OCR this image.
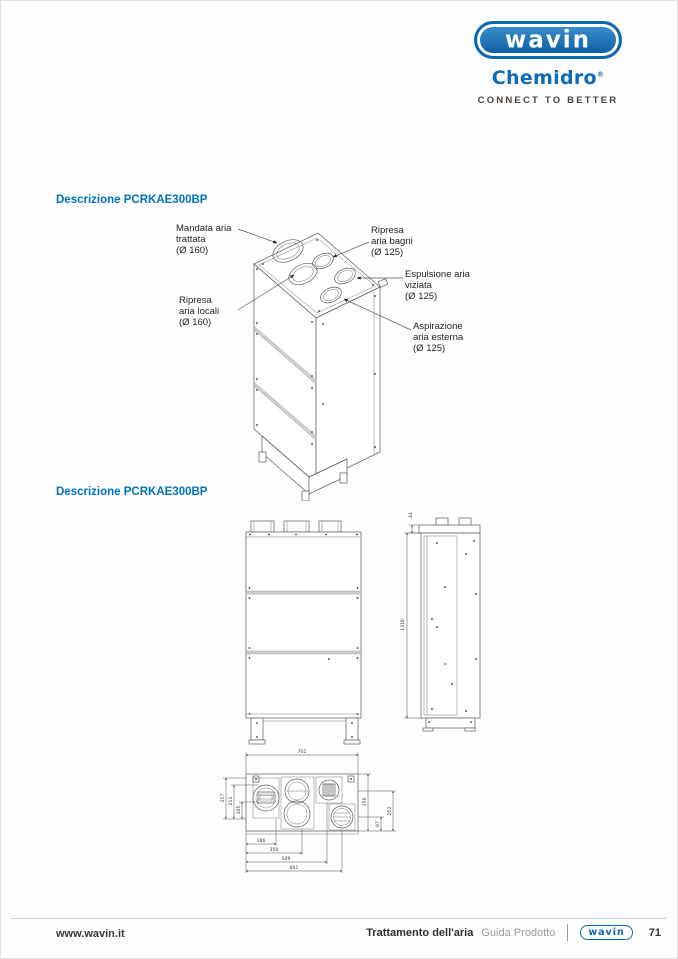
wavin
Chemidro®
CONNECT TO BETTER
Descrizione PCRKAE300BP
Mandata aria
trattata
(Ø 160)
Ripresa
aria bagni
(Ø 125)
Espulsione aria
viziata
(Ø 125)
Ripresa
aria locali
(Ø 160)	Aspirazione
aria esterna
(Ø 125)
Descrizione PCRKAE300BP
44
1318
701
356
252
87
257 211
105
186
350
509
601
www.wavin.it	Trattamento dell'aria Guida Prodotto	wavin	71
